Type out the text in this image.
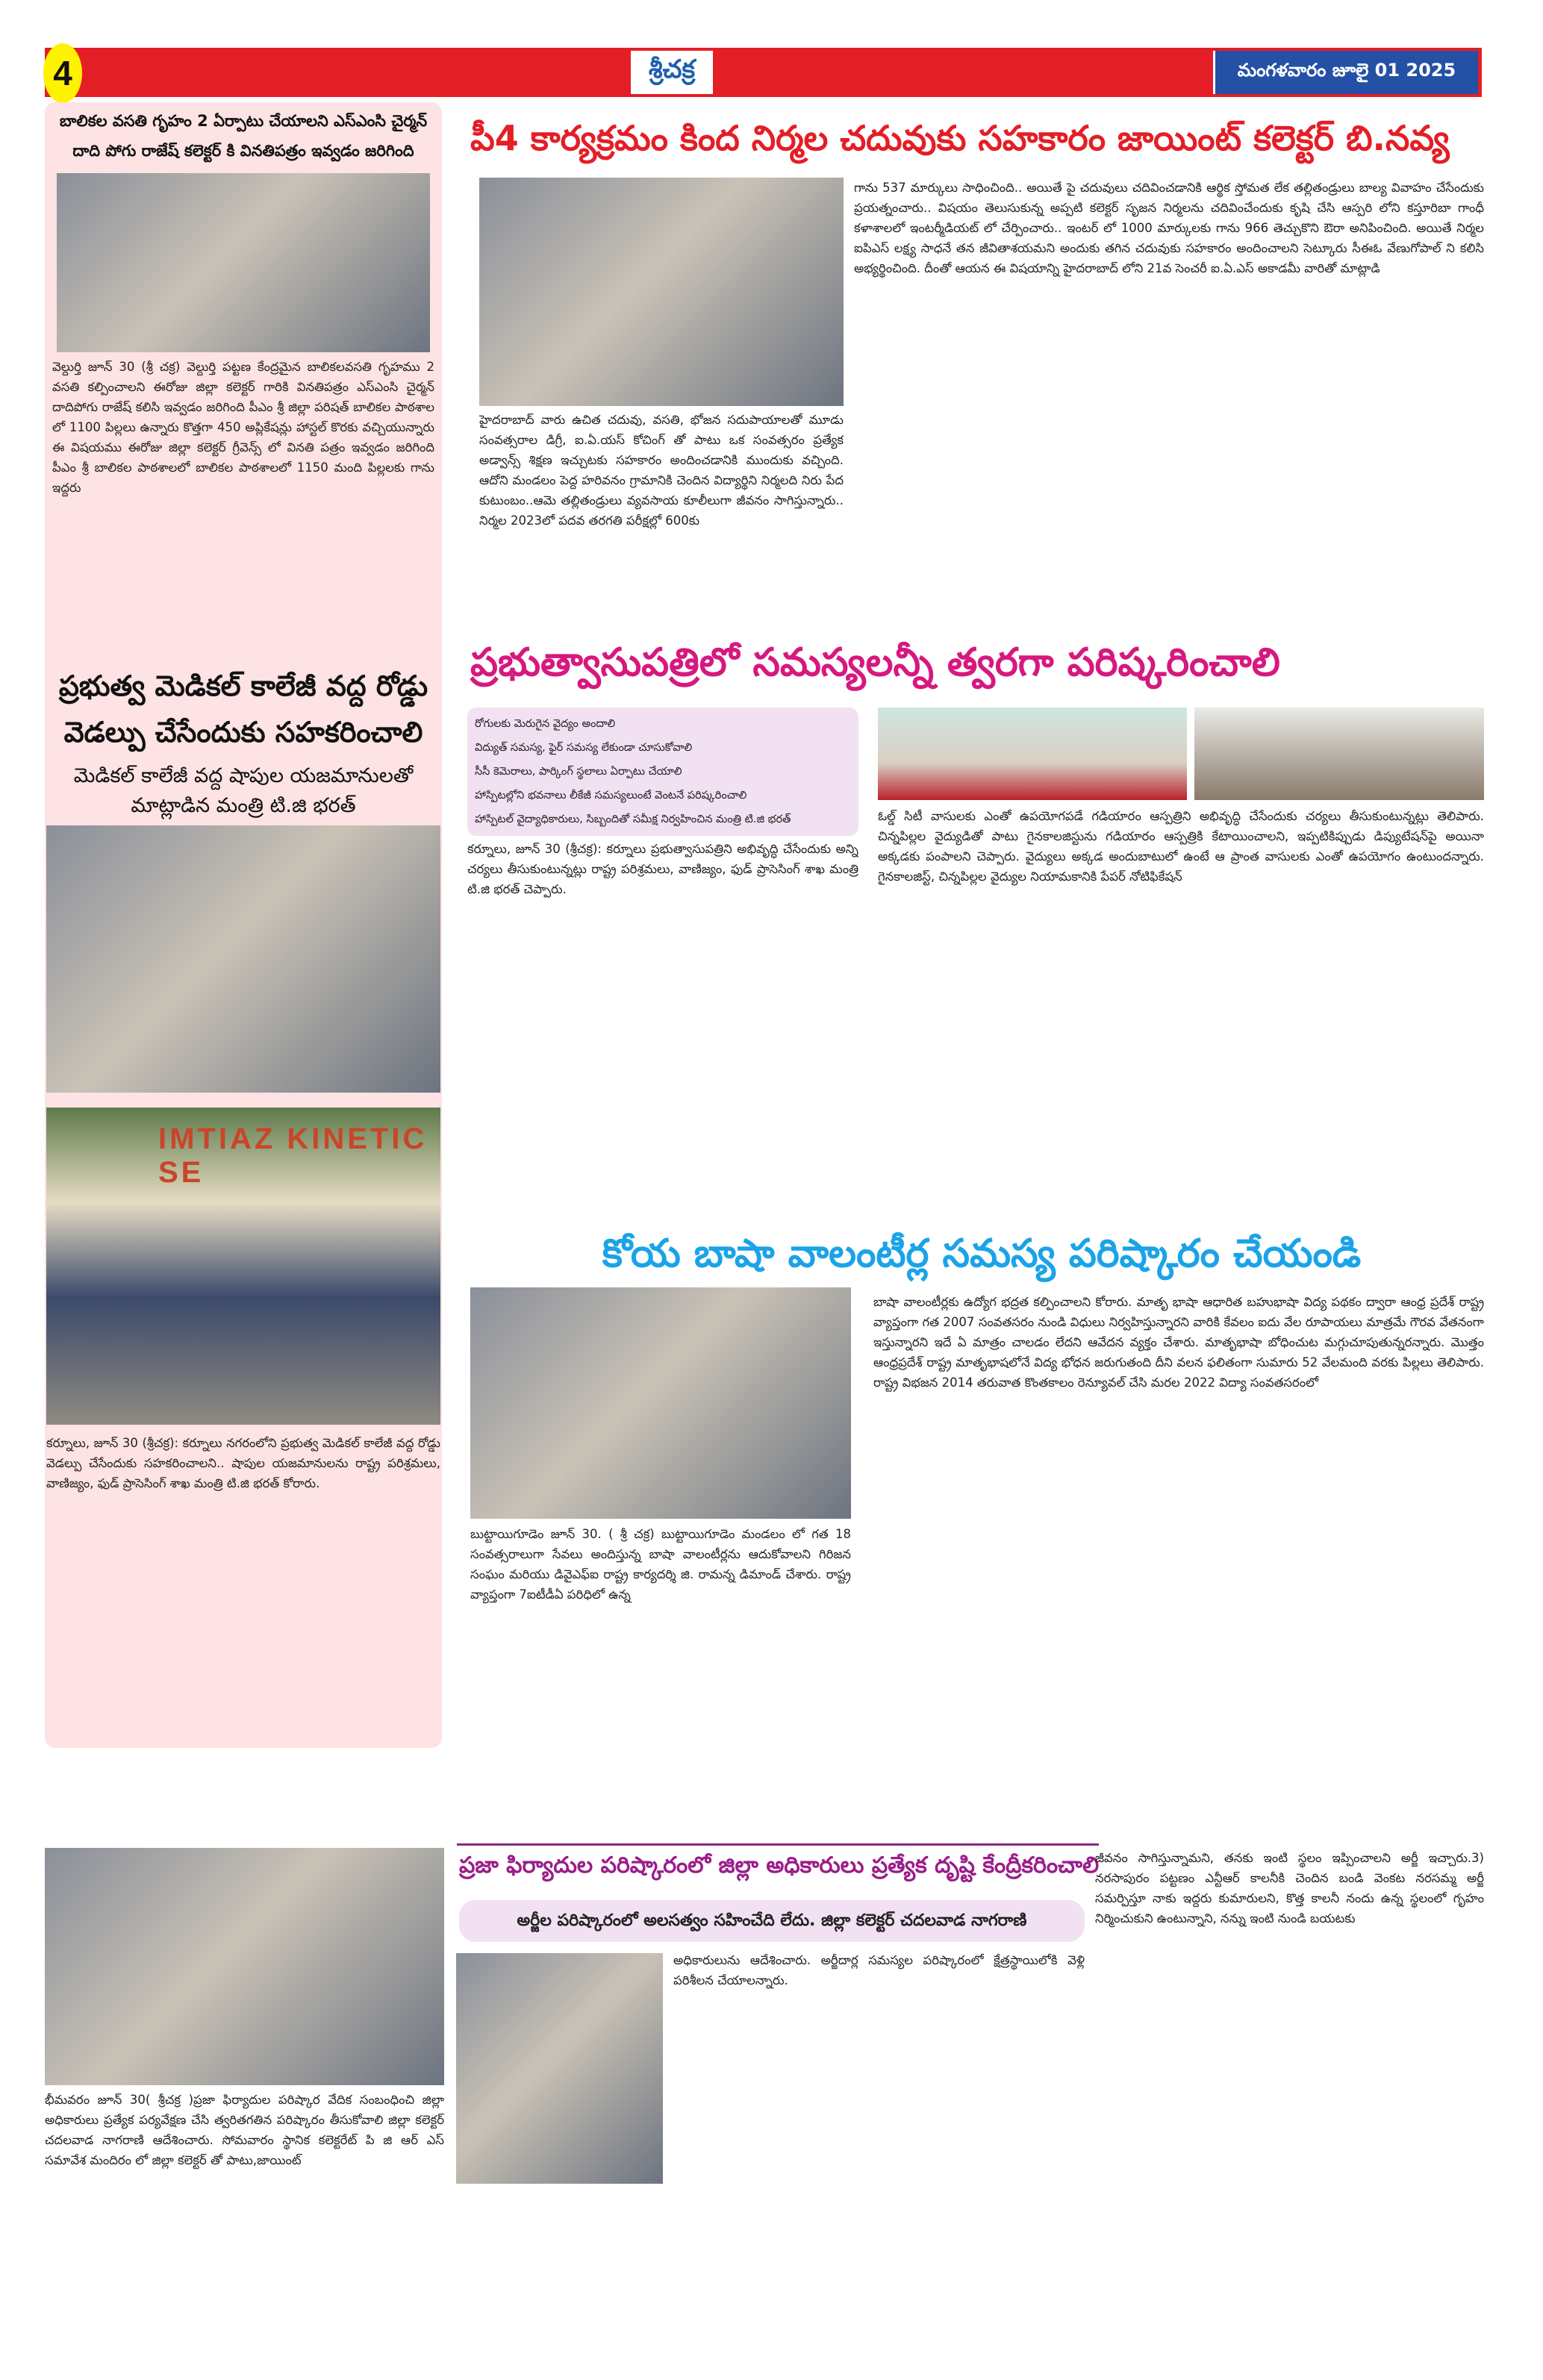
4	శ్రీచక్ర	మంగళవారం జూలై 01 2025
బాలికల వసతి గృహం 2 ఏర్పాటు చేయాలని ఎస్ఎంసి చైర్మన్ దాది పోగు రాజేష్ కలెక్టర్ కి వినతిపత్రం ఇవ్వడం జరిగింది
వెల్దుర్తి జూన్ 30 (శ్రీ చక్ర) వెల్దుర్తి పట్టణ కేంద్రమైన బాలికలవసతి గృహము 2 వసతి కల్పించాలని ఈరోజు జిల్లా కలెక్టర్ గారికి వినతిపత్రం ఎస్ఎంసి చైర్మన్ దాదిపోగు రాజేష్ కలిసి ఇవ్వడం జరిగింది పీఎం శ్రీ జిల్లా పరిషత్ బాలికల పాఠశాల లో 1100 పిల్లలు ఉన్నారు కొత్తగా 450 అప్లికేషన్లు హాస్టల్ కొరకు వచ్చియున్నారు ఈ విషయము ఈరోజు జిల్లా కలెక్టర్ గ్రీవెన్స్ లో వినతి పత్రం ఇవ్వడం జరిగింది పీఎం శ్రీ బాలికల పాఠశాలలో బాలికల పాఠశాలలో 1150 మంది పిల్లలకు గాను ఇద్దరు
ప్రభుత్వ మెడికల్ కాలేజీ వద్ద రోడ్డు వెడల్పు చేసేందుకు సహకరించాలి
మెడికల్ కాలేజీ వద్ద షాపుల యజమానులతో మాట్లాడిన మంత్రి టి.జి భరత్
IMTIAZ KINETIC SE
కర్నూలు, జూన్ 30 (శ్రీచక్ర): కర్నూలు నగరంలోని ప్రభుత్వ మెడికల్ కాలేజీ వద్ద రోడ్డు వెడల్పు చేసేందుకు సహకరించాలని.. షాపుల యజమానులను రాష్ట్ర పరిశ్రమలు, వాణిజ్యం, ఫుడ్ ప్రాసెసింగ్ శాఖ మంత్రి టి.జి భరత్ కోరారు.
పీ4 కార్యక్రమం కింద నిర్మల చదువుకు సహకారం జాయింట్ కలెక్టర్ బి.నవ్య
హైదరాబాద్ వారు ఉచిత చదువు, వసతి, భోజన సదుపాయాలతో మూడు సంవత్సరాల డిగ్రీ, ఐ.ఏ.యస్ కోచింగ్ తో పాటు ఒక సంవత్సరం ప్రత్యేక అడ్వాన్స్ శిక్షణ ఇచ్చుటకు సహకారం అందించడానికి ముందుకు వచ్చింది. ఆదోని మండలం పెద్ద హరివనం గ్రామానికి చెందిన విద్యార్థిని నిర్మలది నిరు పేద కుటుంబం..ఆమె తల్లితండ్రులు వ్యవసాయ కూలీలుగా జీవనం సాగిస్తున్నారు.. నిర్మల 2023లో పదవ తరగతి పరీక్షల్లో 600కు
గాను 537 మార్కులు సాధించింది.. అయితే పై చదువులు చదివించడానికి ఆర్థిక స్తోమత లేక తల్లితండ్రులు బాల్య వివాహం చేసేందుకు ప్రయత్నంచారు.. విషయం తెలుసుకున్న అప్పటి కలెక్టర్ సృజన నిర్మలను చదివించేందుకు కృషి చేసి ఆస్పరి లోని కస్తూరిబా గాంధీ కళాశాలలో ఇంటర్మీడియట్ లో చేర్పించారు.. ఇంటర్ లో 1000 మార్కులకు గాను 966 తెచ్చుకొని ఔరా అనిపించింది. అయితే నిర్మల ఐపిఎస్ లక్ష్య సాధనే తన జీవితాశయమని అందుకు తగిన చదువుకు సహకారం అందించాలని సెట్కూరు సీఈఓ వేణుగోపాల్ ని కలిసి అభ్యర్థించింది. దీంతో ఆయన ఈ విషయాన్ని హైదరాబాద్ లోని 21వ సెంచరీ ఐ.ఏ.ఎస్ అకాడమీ వారితో మాట్లాడి
ప్రభుత్వాసుపత్రిలో సమస్యలన్నీ త్వరగా పరిష్కరించాలి
రోగులకు మెరుగైన వైద్యం అందాలి
విద్యుత్ సమస్య, ఫైర్ సమస్య లేకుండా చూసుకోవాలి
సీసీ కెమెరాలు, పార్కింగ్ స్థలాలు ఏర్పాటు చేయాలి
హాస్పిటల్లోని భవనాలు లీకేజీ సమస్యలుంటే వెంటనే పరిష్కరించాలి
హాస్పిటల్ వైద్యాధికారులు, సిబ్బందితో సమీక్ష నిర్వహించిన మంత్రి టి.జి భరత్
కర్నూలు, జూన్ 30 (శ్రీచక్ర): కర్నూలు ప్రభుత్వాసుపత్రిని అభివృద్ధి చేసేందుకు అన్ని చర్యలు తీసుకుంటున్నట్లు రాష్ట్ర పరిశ్రమలు, వాణిజ్యం, ఫుడ్ ప్రాసెసింగ్ శాఖ మంత్రి టి.జి భరత్ చెప్పారు.
ఓల్డ్ సిటీ వాసులకు ఎంతో ఉపయోగపడే గడియారం ఆస్పత్రిని అభివృద్ధి చేసేందుకు చర్యలు తీసుకుంటున్నట్లు తెలిపారు. చిన్నపిల్లల వైద్యుడితో పాటు గైనకాలజిస్టును గడియారం ఆస్పత్రికి కేటాయించాలని, ఇప్పటికిప్పుడు డిప్యుటేషన్‌పై అయినా అక్కడకు పంపాలని చెప్పారు. వైద్యులు అక్కడ అందుబాటులో ఉంటే ఆ ప్రాంత వాసులకు ఎంతో ఉపయోగం ఉంటుందన్నారు. గైనకాలజిస్ట్, చిన్నపిల్లల వైద్యుల నియామకానికి పేపర్ నోటిఫికేషన్
కోయ బాషా వాలంటీర్ల సమస్య పరిష్కారం చేయండి
బుట్టాయిగూడెం జూన్ 30. ( శ్రీ చక్ర) బుట్టాయిగూడెం మండలం లో గత 18 సంవత్సరాలుగా సేవలు అందిస్తున్న బాషా వాలంటీర్లను ఆదుకోవాలని గిరిజన సంఘం మరియు డివైఎఫ్ఐ రాష్ట్ర కార్యదర్శి జి. రామన్న డిమాండ్ చేశారు. రాష్ట్ర వ్యాప్తంగా 7ఐటీడీఏ పరిధిలో ఉన్న
బాషా వాలంటీర్లకు ఉద్యోగ భద్రత కల్పించాలని కోరారు. మాతృ భాషా ఆధారిత బహుభాషా విద్య పథకం ద్వారా ఆంధ్ర ప్రదేశ్ రాష్ట్ర వ్యాప్తంగా గత 2007 సంవతసరం నుండి విధులు నిర్వహిస్తున్నారని వారికి కేవలం ఐదు వేల రూపాయలు మాత్రమే గౌరవ వేతనంగా ఇస్తున్నారని ఇదే ఏ మాత్రం చాలడం లేదని ఆవేదన వ్యక్తం చేశారు. మాతృభాషా బోధించుట మగ్గుచూపుతున్నరన్నారు. మొత్తం ఆంధ్రప్రదేశ్ రాష్ట్ర మాతృభాషలోనే విద్య భోధన జరుగుతంది దీని వలన ఫలితంగా సుమారు 52 వేలమంది వరకు పిల్లలు తెలిపారు. రాష్ట్ర విభజన 2014 తరువాత కొంతకాలం రెన్యూవల్ చేసి మరల 2022 విద్యా సంవతసరంలో
భీమవరం జూన్ 30( శ్రీచక్ర )ప్రజా ఫిర్యాదుల పరిష్కార వేదిక సంబంధించి జిల్లా అధికారులు ప్రత్యేక పర్యవేక్షణ చేసి త్వరితగతిన పరిష్కారం తీసుకోవాలి జిల్లా కలెక్టర్ చదలవాడ నాగరాణి ఆదేశించారు. సోమవారం స్థానిక కలెక్టరేట్ పి జి ఆర్ ఎస్ సమావేశ మందిరం లో జిల్లా కలెక్టర్ తో పాటు,జాయింట్
ప్రజా ఫిర్యాదుల పరిష్కారంలో జిల్లా అధికారులు ప్రత్యేక దృష్టి కేంద్రీకరించాలి
అర్జీల పరిష్కారంలో అలసత్వం సహించేది లేదు. జిల్లా కలెక్టర్ చదలవాడ నాగరాణి
అధికారులును ఆదేశించారు. అర్జీదార్ల సమస్యల పరిష్కారంలో క్షేత్రస్థాయిలోకి వెళ్లి పరిశీలన చేయాలన్నారు.
జీవనం సాగిస్తున్నామని, తనకు ఇంటి స్థలం ఇప్పించాలని అర్జీ ఇచ్చారు.3) నరసాపురం పట్టణం ఎన్టీఆర్ కాలనీకి చెందిన బండి వెంకట నరసమ్మ అర్జీ సమర్పిస్తూ నాకు ఇద్దరు కుమారులని, కొత్త కాలనీ నందు ఉన్న స్థలంలో గృహం నిర్మించుకుని ఉంటున్నాని, నన్ను ఇంటి నుండి బయటకు
